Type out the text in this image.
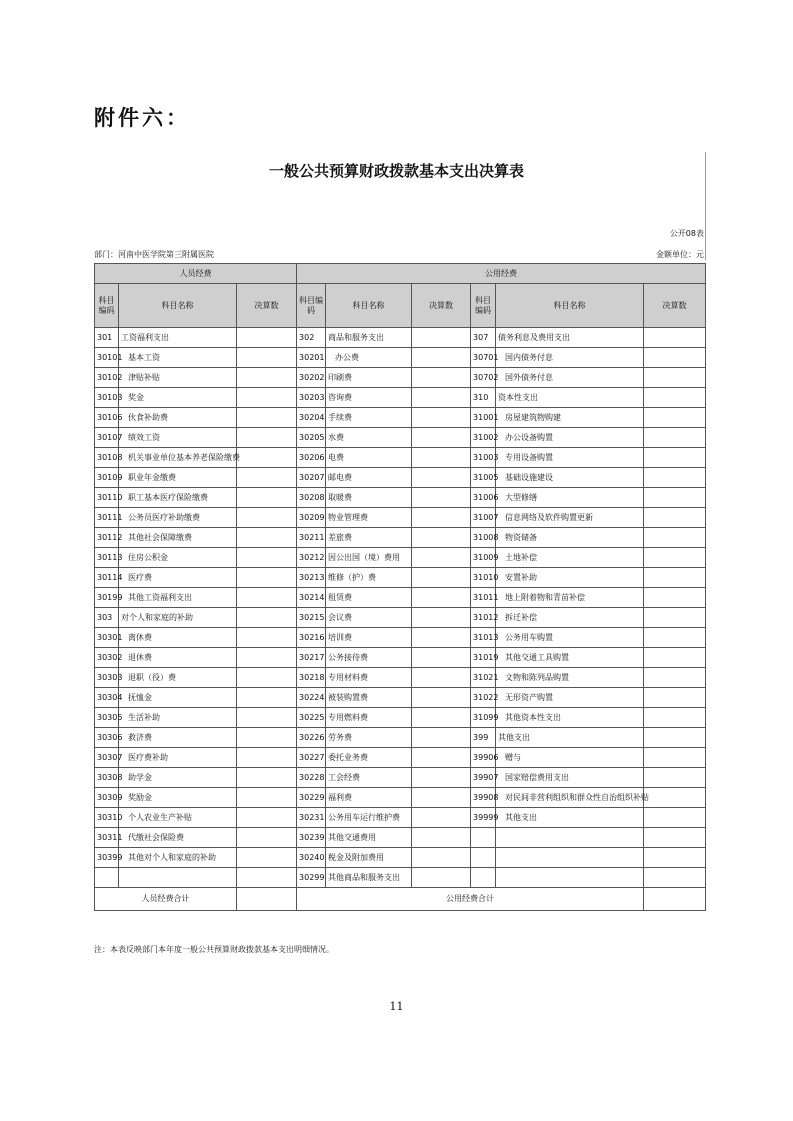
附件六：
一般公共预算财政拨款基本支出决算表
公开08表
部门：河南中医学院第三附属医院	金额单位：元
人员经费			公用经费					
科目编码	科目名称	决算数	科目编码	科目名称	决算数	科目编码	科目名称	决算数
301	工资福利支出		302	商品和服务支出		307	债务利息及费用支出	
30101	基本工资		30201	办公费		30701	国内债务付息	
30102	津贴补贴		30202	印刷费		30702	国外债务付息	
30103	奖金		30203	咨询费		310	资本性支出	
30106	伙食补助费		30204	手续费		31001	房屋建筑物购建	
30107	绩效工资		30205	水费		31002	办公设备购置	
30108	机关事业单位基本养老保险缴费		30206	电费		31003	专用设备购置	
30109	职业年金缴费		30207	邮电费		31005	基础设施建设	
30110	职工基本医疗保险缴费		30208	取暖费		31006	大型修缮	
30111	公务员医疗补助缴费		30209	物业管理费		31007	信息网络及软件购置更新	
30112	其他社会保障缴费		30211	差旅费		31008	物资储备	
30113	住房公积金		30212	因公出国（境）费用		31009	土地补偿	
30114	医疗费		30213	维修（护）费		31010	安置补助	
30199	其他工资福利支出		30214	租赁费		31011	地上附着物和青苗补偿	
303	对个人和家庭的补助		30215	会议费		31012	拆迁补偿	
30301	离休费		30216	培训费		31013	公务用车购置	
30302	退休费		30217	公务接待费		31019	其他交通工具购置	
30303	退职（役）费		30218	专用材料费		31021	文物和陈列品购置	
30304	抚恤金		30224	被装购置费		31022	无形资产购置	
30305	生活补助		30225	专用燃料费		31099	其他资本性支出	
30306	救济费		30226	劳务费		399	其他支出	
30307	医疗费补助		30227	委托业务费		39906	赠与	
30308	助学金		30228	工会经费		39907	国家赔偿费用支出	
30309	奖励金		30229	福利费		39908	对民间非营利组织和群众性自治组织补贴	
30310	个人农业生产补贴		30231	公务用车运行维护费		39999	其他支出	
30311	代缴社会保险费		30239	其他交通费用				
30399	其他对个人和家庭的补助		30240	税金及附加费用				
			30299	其他商品和服务支出				
人员经费合计			公用经费合计					
注：本表反映部门本年度一般公共预算财政拨款基本支出明细情况。
11
